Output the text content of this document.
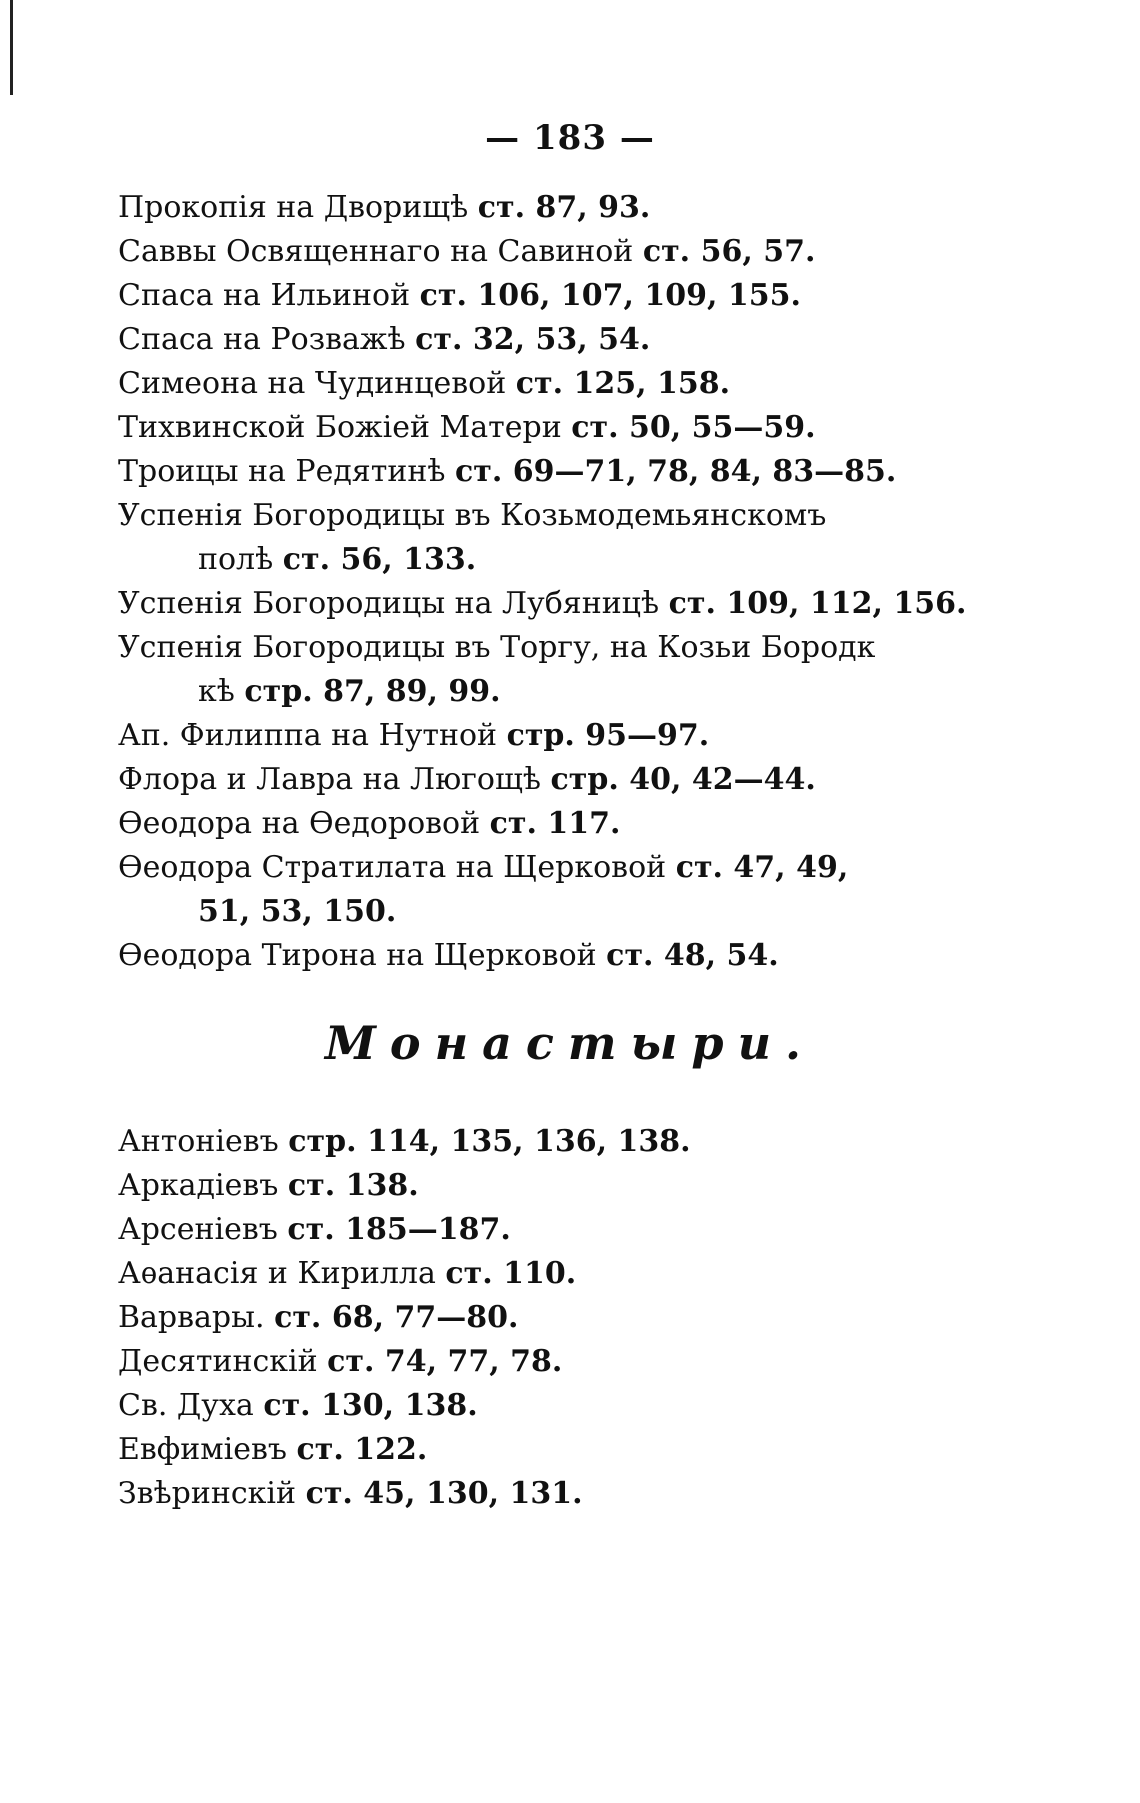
— 183 —
Прокопія на Дворищѣ ст. 87, 93.
Саввы Освященнаго на Савиной ст. 56, 57.
Спаса на Ильиной ст. 106, 107, 109, 155.
Спаса на Розважѣ ст. 32, 53, 54.
Симеона на Чудинцевой ст. 125, 158.
Тихвинской Божіей Матери ст. 50, 55—59.
Троицы на Редятинѣ ст. 69—71, 78, 84, 83—85.
Успенія Богородицы въ Козьмодемьянскомъ
полѣ ст. 56, 133.
Успенія Богородицы на Лубяницѣ ст. 109, 112, 156.
Успенія Богородицы въ Торгу, на Козьи Бородк
кѣ стр. 87, 89, 99.
Ап. Филиппа на Нутной стр. 95—97.
Флора и Лавра на Люгощѣ стр. 40, 42—44.
Ѳеодора на Ѳедоровой ст. 117.
Ѳеодора Стратилата на Щерковой ст. 47, 49,
51, 53, 150.
Ѳеодора Тирона на Щерковой ст. 48, 54.
Монастыри.
Антоніевъ стр. 114, 135, 136, 138.
Аркадіевъ ст. 138.
Арсеніевъ ст. 185—187.
Аѳанасія и Кирилла ст. 110.
Варвары. ст. 68, 77—80.
Десятинскій ст. 74, 77, 78.
Св. Духа ст. 130, 138.
Евфиміевъ ст. 122.
Звѣринскій ст. 45, 130, 131.
